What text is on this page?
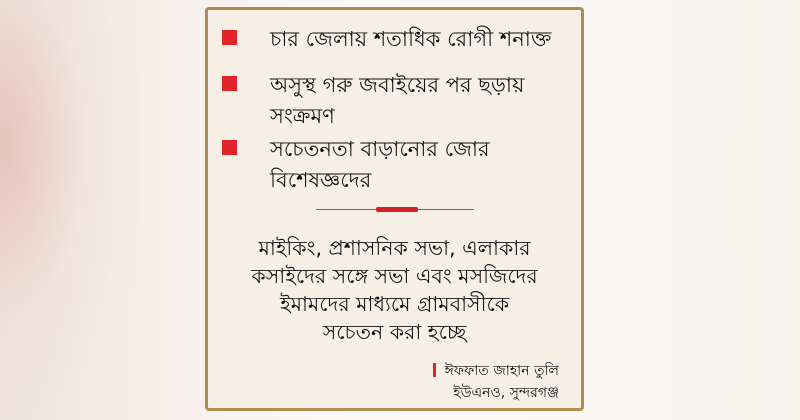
চার জেলায় শতাধিক রোগী শনাক্ত
অসুস্থ গরু জবাইয়ের পর ছড়ায়
সংক্রমণ
সচেতনতা বাড়ানোর জোর
বিশেষজ্ঞদের
মাইকিং, প্রশাসনিক সভা, এলাকার
কসাইদের সঙ্গে সভা এবং মসজিদের
ইমামদের মাধ্যমে গ্রামবাসীকে
সচেতন করা হচ্ছে
ঈফফাত জাহান তুলি
ইউএনও, সুন্দরগঞ্জ
